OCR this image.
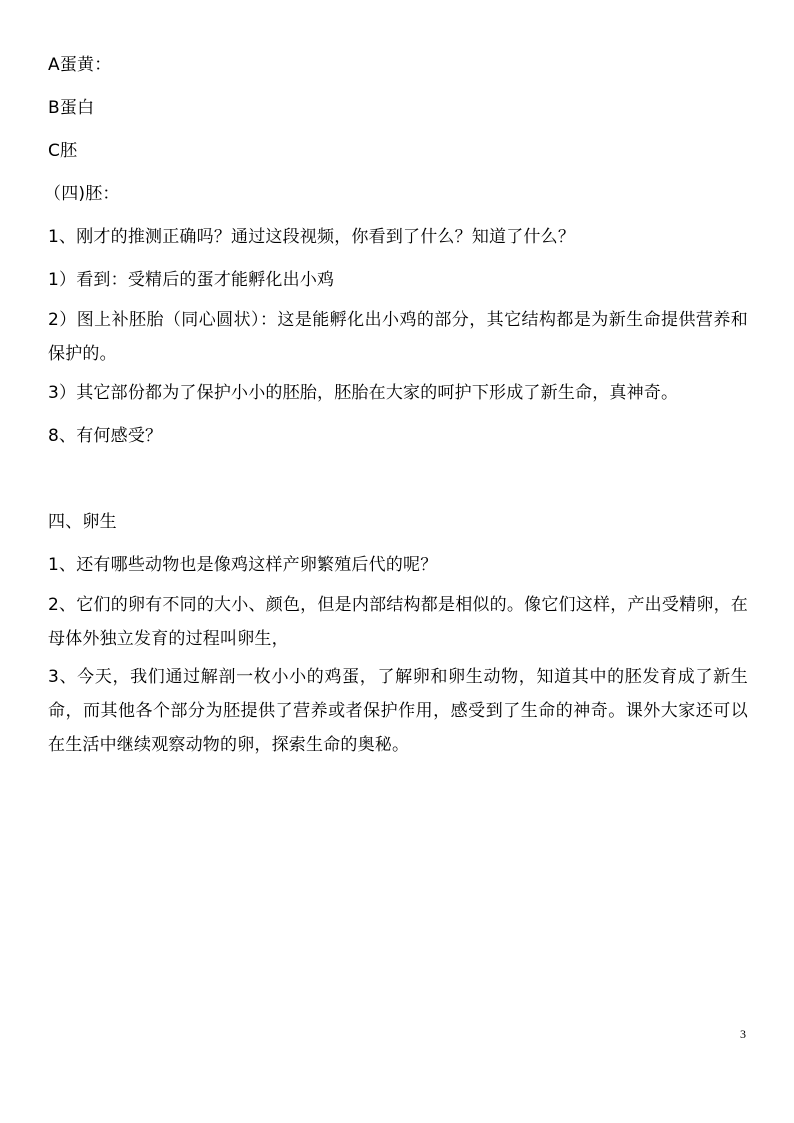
A蛋黄：
B蛋白
C胚
（四)胚：
1、刚才的推测正确吗？通过这段视频，你看到了什么？知道了什么？
1）看到：受精后的蛋才能孵化出小鸡
2）图上补胚胎（同心圆状）：这是能孵化出小鸡的部分，其它结构都是为新生命提供营养和保护的。
3）其它部份都为了保护小小的胚胎，胚胎在大家的呵护下形成了新生命，真神奇。
8、有何感受？
四、卵生
1、还有哪些动物也是像鸡这样产卵繁殖后代的呢？
2、它们的卵有不同的大小、颜色，但是内部结构都是相似的。像它们这样，产出受精卵，在母体外独立发育的过程叫卵生，
3、今天，我们通过解剖一枚小小的鸡蛋，了解卵和卵生动物，知道其中的胚发育成了新生命，而其他各个部分为胚提供了营养或者保护作用，感受到了生命的神奇。课外大家还可以在生活中继续观察动物的卵，探索生命的奥秘。
3
